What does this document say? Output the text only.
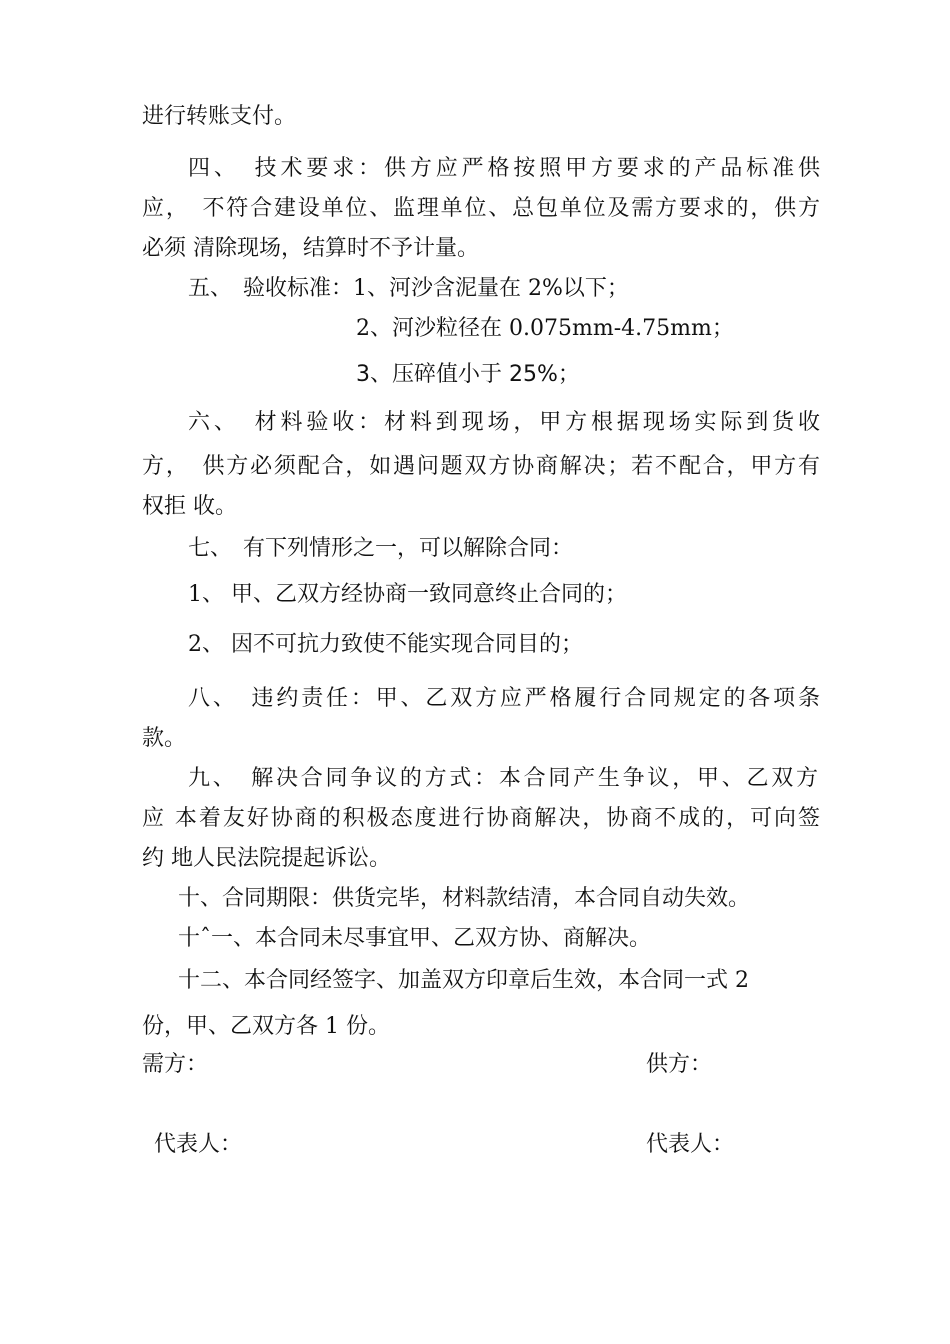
进行转账支付。
四、　技术要求：供方应严格按照甲方要求的产品标准供
应，　不符合建设单位、监理单位、总包单位及需方要求的，供方
必须 清除现场，结算时不予计量。
五、　验收标准：1、河沙含泥量在 2%以下；
2、河沙粒径在 0.075mm-4.75mm；
3、压碎值小于 25%；
六、　材料验收：材料到现场，甲方根据现场实际到货收
方，　供方必须配合，如遇问题双方协商解决；若不配合，甲方有
权拒 收。
七、　有下列情形之一，可以解除合同：
1、 甲、乙双方经协商一致同意终止合同的；
2、 因不可抗力致使不能实现合同目的；
八、　违约责任：甲、乙双方应严格履行合同规定的各项条
款。
九、　解决合同争议的方式：本合同产生争议，甲、乙双方
应 本着友好协商的积极态度进行协商解决，协商不成的，可向签
约 地人民法院提起诉讼。
十、合同期限：供货完毕，材料款结清，本合同自动失效。
十ˆ一、本合同未尽事宜甲、乙双方协、商解决。
十二、本合同经签字、加盖双方印章后生效，本合同一式 2
份，甲、乙双方各 1 份。
需方：	供方：
代表人：	代表人：
